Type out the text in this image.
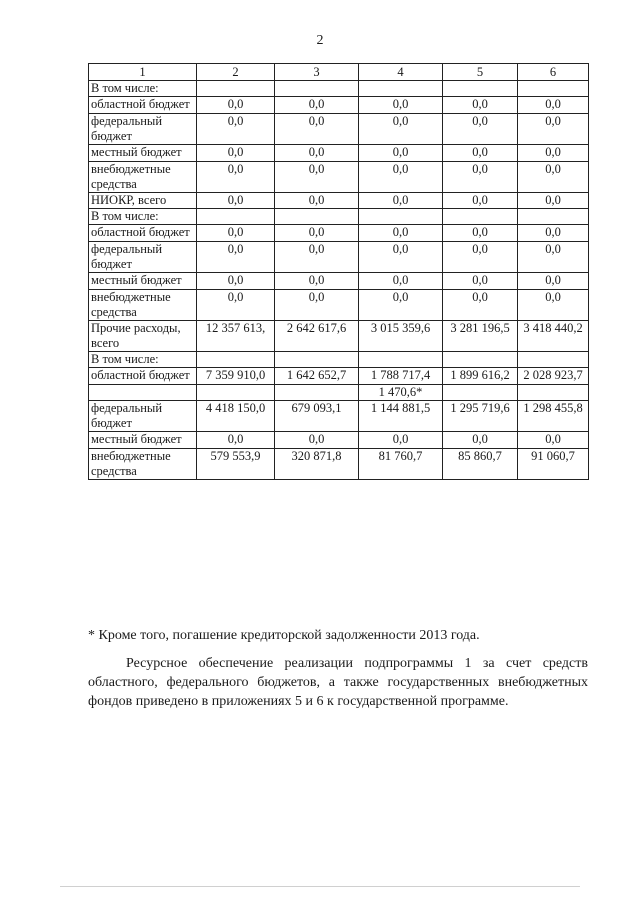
2
1	2	3	4	5	6
В том числе:					
областной бюджет	0,0	0,0	0,0	0,0	0,0
федеральный бюджет	0,0	0,0	0,0	0,0	0,0
местный бюджет	0,0	0,0	0,0	0,0	0,0
внебюджетные средства	0,0	0,0	0,0	0,0	0,0
НИОКР, всего	0,0	0,0	0,0	0,0	0,0
В том числе:					
областной бюджет	0,0	0,0	0,0	0,0	0,0
федеральный бюджет	0,0	0,0	0,0	0,0	0,0
местный бюджет	0,0	0,0	0,0	0,0	0,0
внебюджетные средства	0,0	0,0	0,0	0,0	0,0
Прочие расходы, всего	12 357 613,	2 642 617,6	3 015 359,6	3 281 196,5	3 418 440,2
В том числе:					
областной бюджет	7 359 910,0	1 642 652,7	1 788 717,4	1 899 616,2	2 028 923,7
			1 470,6*		
федеральный бюджет	4 418 150,0	679 093,1	1 144 881,5	1 295 719,6	1 298 455,8
местный бюджет	0,0	0,0	0,0	0,0	0,0
внебюджетные средства	579 553,9	320 871,8	81 760,7	85 860,7	91 060,7
* Кроме того, погашение кредиторской задолженности 2013 года.
Ресурсное обеспечение реализации подпрограммы 1 за счет средств областного, федерального бюджетов, а также государственных внебюджетных фондов приведено в приложениях 5 и 6 к государственной программе.
